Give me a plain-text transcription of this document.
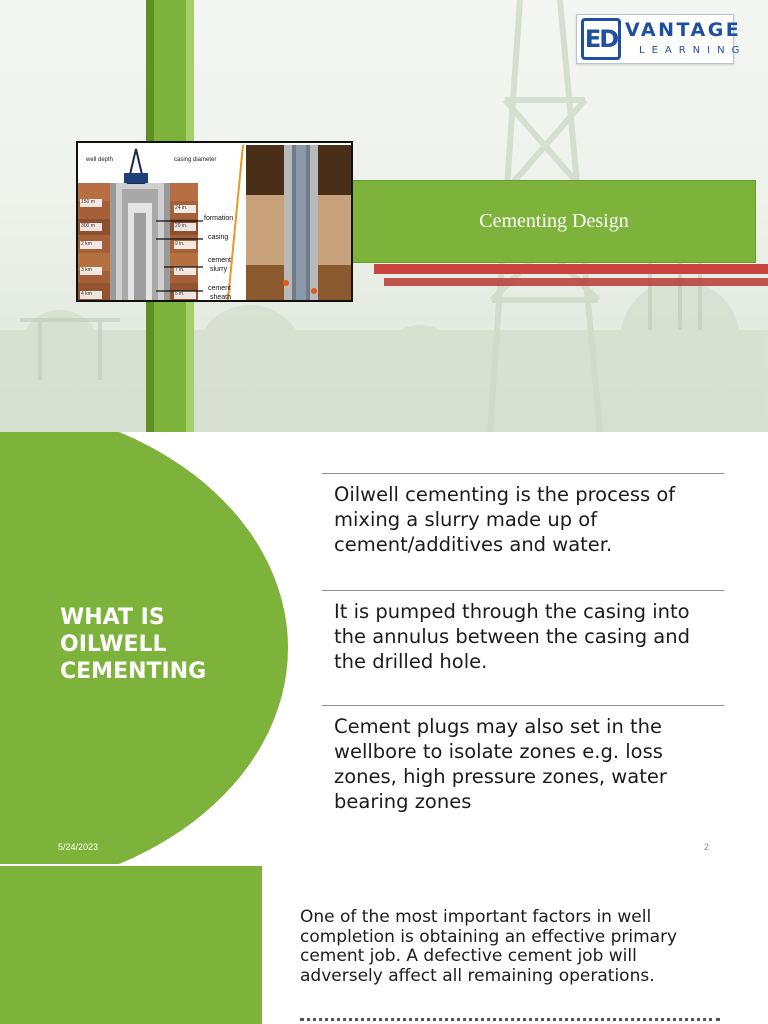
Cementing Design
well depth	casing diameter
150 m
300 m
2 km
3 km
4 km
24 in.
20 in.
9 in.
7 in.
5 in.
formation
casing
cement
slurry
cement
sheath
ED VANTAGE
LEARNING
WHAT IS OILWELL CEMENTING
Oilwell cementing is the process of mixing a slurry made up of cement/additives and water.
It is pumped through the casing into the annulus between the casing and the drilled hole.
Cement plugs may also set in the wellbore to isolate zones e.g. loss zones, high pressure zones, water bearing zones
5/24/2023	2
One of the most important factors in well completion is obtaining an effective primary cement job. A defective cement job will adversely affect all remaining operations.
